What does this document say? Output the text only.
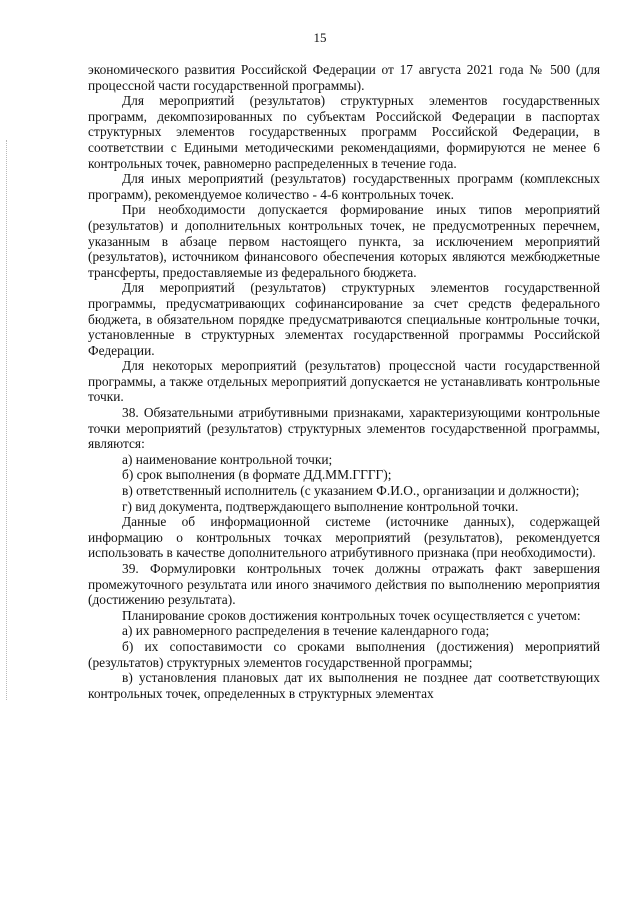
15

экономического развития Российской Федерации от 17 августа 2021 года № 500 (для процессной части государственной программы).

Для мероприятий (результатов) структурных элементов государственных программ, декомпозированных по субъектам Российской Федерации в паспортах структурных элементов государственных программ Российской Федерации, в соответствии с Едиными методическими рекомендациями, формируются не менее 6 контрольных точек, равномерно распределенных в течение года.

Для иных мероприятий (результатов) государственных программ (комплексных программ), рекомендуемое количество - 4-6 контрольных точек.

При необходимости допускается формирование иных типов мероприятий (результатов) и дополнительных контрольных точек, не предусмотренных перечнем, указанным в абзаце первом настоящего пункта, за исключением мероприятий (результатов), источником финансового обеспечения которых являются межбюджетные трансферты, предоставляемые из федерального бюджета.

Для мероприятий (результатов) структурных элементов государственной программы, предусматривающих софинансирование за счет средств федерального бюджета, в обязательном порядке предусматриваются специальные контрольные точки, установленные в структурных элементах государственной программы Российской Федерации.

Для некоторых мероприятий (результатов) процессной части государственной программы, а также отдельных мероприятий допускается не устанавливать контрольные точки.

38. Обязательными атрибутивными признаками, характеризующими контрольные точки мероприятий (результатов) структурных элементов государственной программы, являются:

а) наименование контрольной точки;

б) срок выполнения (в формате ДД.ММ.ГГГГ);

в) ответственный исполнитель (с указанием Ф.И.О., организации и должности);

г) вид документа, подтверждающего выполнение контрольной точки.

Данные об информационной системе (источнике данных), содержащей информацию о контрольных точках мероприятий (результатов), рекомендуется использовать в качестве дополнительного атрибутивного признака (при необходимости).

39. Формулировки контрольных точек должны отражать факт завершения промежуточного результата или иного значимого действия по выполнению мероприятия (достижению результата).

Планирование сроков достижения контрольных точек осуществляется с учетом:

а) их равномерного распределения в течение календарного года;

б) их сопоставимости со сроками выполнения (достижения) мероприятий (результатов) структурных элементов государственной программы;

в) установления плановых дат их выполнения не позднее дат соответствующих контрольных точек, определенных в структурных элементах
